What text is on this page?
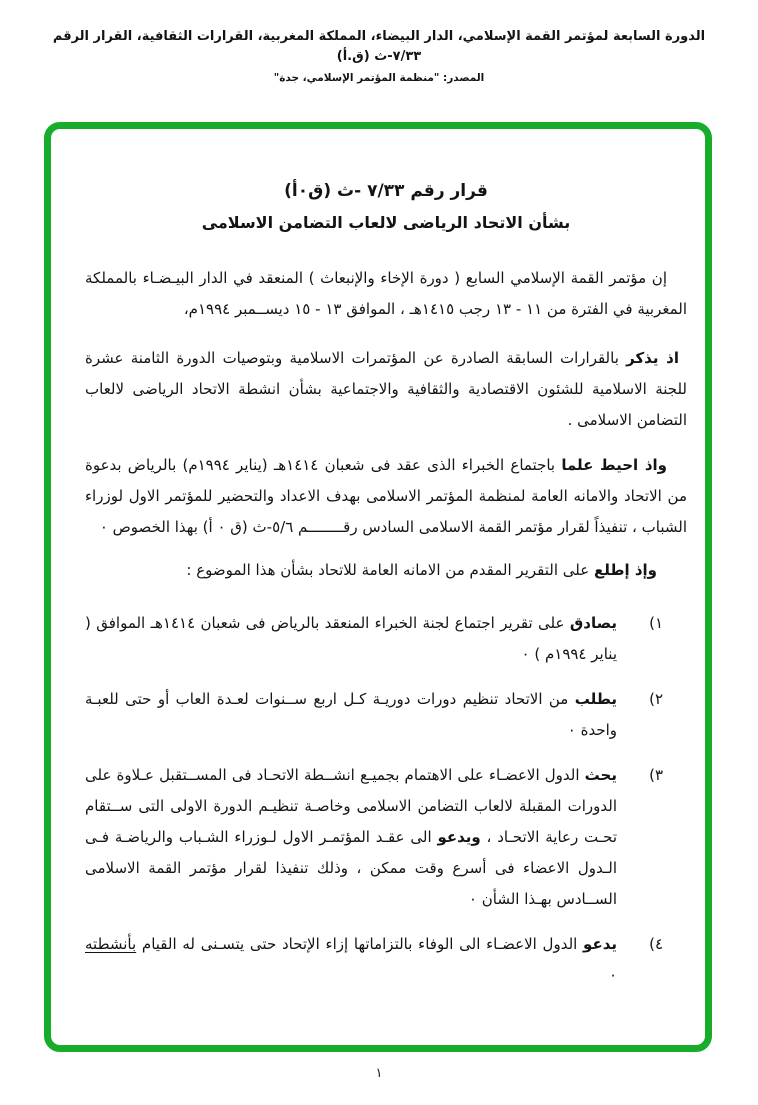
الدورة السابعة لمؤتمر القمة الإسلامي، الدار البيضاء، المملكة المغربية، القرارات الثقافية، القرار الرقم ٧/٣٣-ث (ق.أ)
المصدر: "منظمة المؤتمر الإسلامي، جدة"
قرار رقم ٧/٣٣ -ث (ق٠أ)
بشأن الاتحاد الرياضى لالعاب التضامن الاسلامى

إن مؤتمر القمة الإسلامي السابع ( دورة الإخاء والإنبعاث ) المنعقد في الدار البيـضـاء بالمملكة المغربية في الفترة من ١١ - ١٣ رجب ١٤١٥هـ ، الموافق ١٣ - ١٥ ديســمبر ١٩٩٤م،

اذ يذكر بالقرارات السابقة الصادرة عن المؤتمرات الاسلامية وبتوصيات الدورة الثامنة عشرة للجنة الاسلامية للشئون الاقتصادية والثقافية والاجتماعية بشأن انشطة الاتحاد الرياضى لالعاب التضامن الاسلامى .

واذ احيط علما باجتماع الخبراء الذى عقد فى شعبان ١٤١٤هـ (يناير ١٩٩٤م) بالرياض بدعوة من الاتحاد والامانه العامة لمنظمة المؤتمر الاسلامى بهدف الاعداد والتحضير للمؤتمر الاول لوزراء الشباب ، تنفيذاً لقرار مؤتمر القمة الاسلامى السادس رقــــــــم ٥/٦-ث (ق ٠ أ) بهذا الخصوص ٠

وإذ إطلع على التقرير المقدم من الامانه العامة للاتحاد بشأن هذا الموضوع :

١)
يصادق على تقرير اجتماع لجنة الخبراء المنعقد بالرياض فى شعبان ١٤١٤هـ الموافق ( يناير ١٩٩٤م ) ٠
٢)
يطلب من الاتحاد تنظيم دورات دوريـة كـل اربع ســنوات لعـدة العاب أو حتى للعبـة واحدة ٠
٣)
يحث الدول الاعضـاء على الاهتمام بجميـع انشــطة الاتحـاد فى المســتقبل عـلاوة على الدورات المقبلة لالعاب التضامن الاسلامى وخاصـة تنظيـم الدورة الاولى التى ســتقام تحـت رعاية الاتحـاد ، ويدعو الى عقـد المؤتمـر الاول لـوزراء الشـباب والرياضـة فـى الـدول الاعضاء فى أسرع وقت ممكن ، وذلك تنفيذا لقرار مؤتمر القمة الاسلامى الســادس بهـذا الشأن ٠
٤)
يدعو الدول الاعضـاء الى الوفاء بالتزاماتها إزاء الإتحاد حتى يتسـنى له القيام بأنشطته ٠
١
